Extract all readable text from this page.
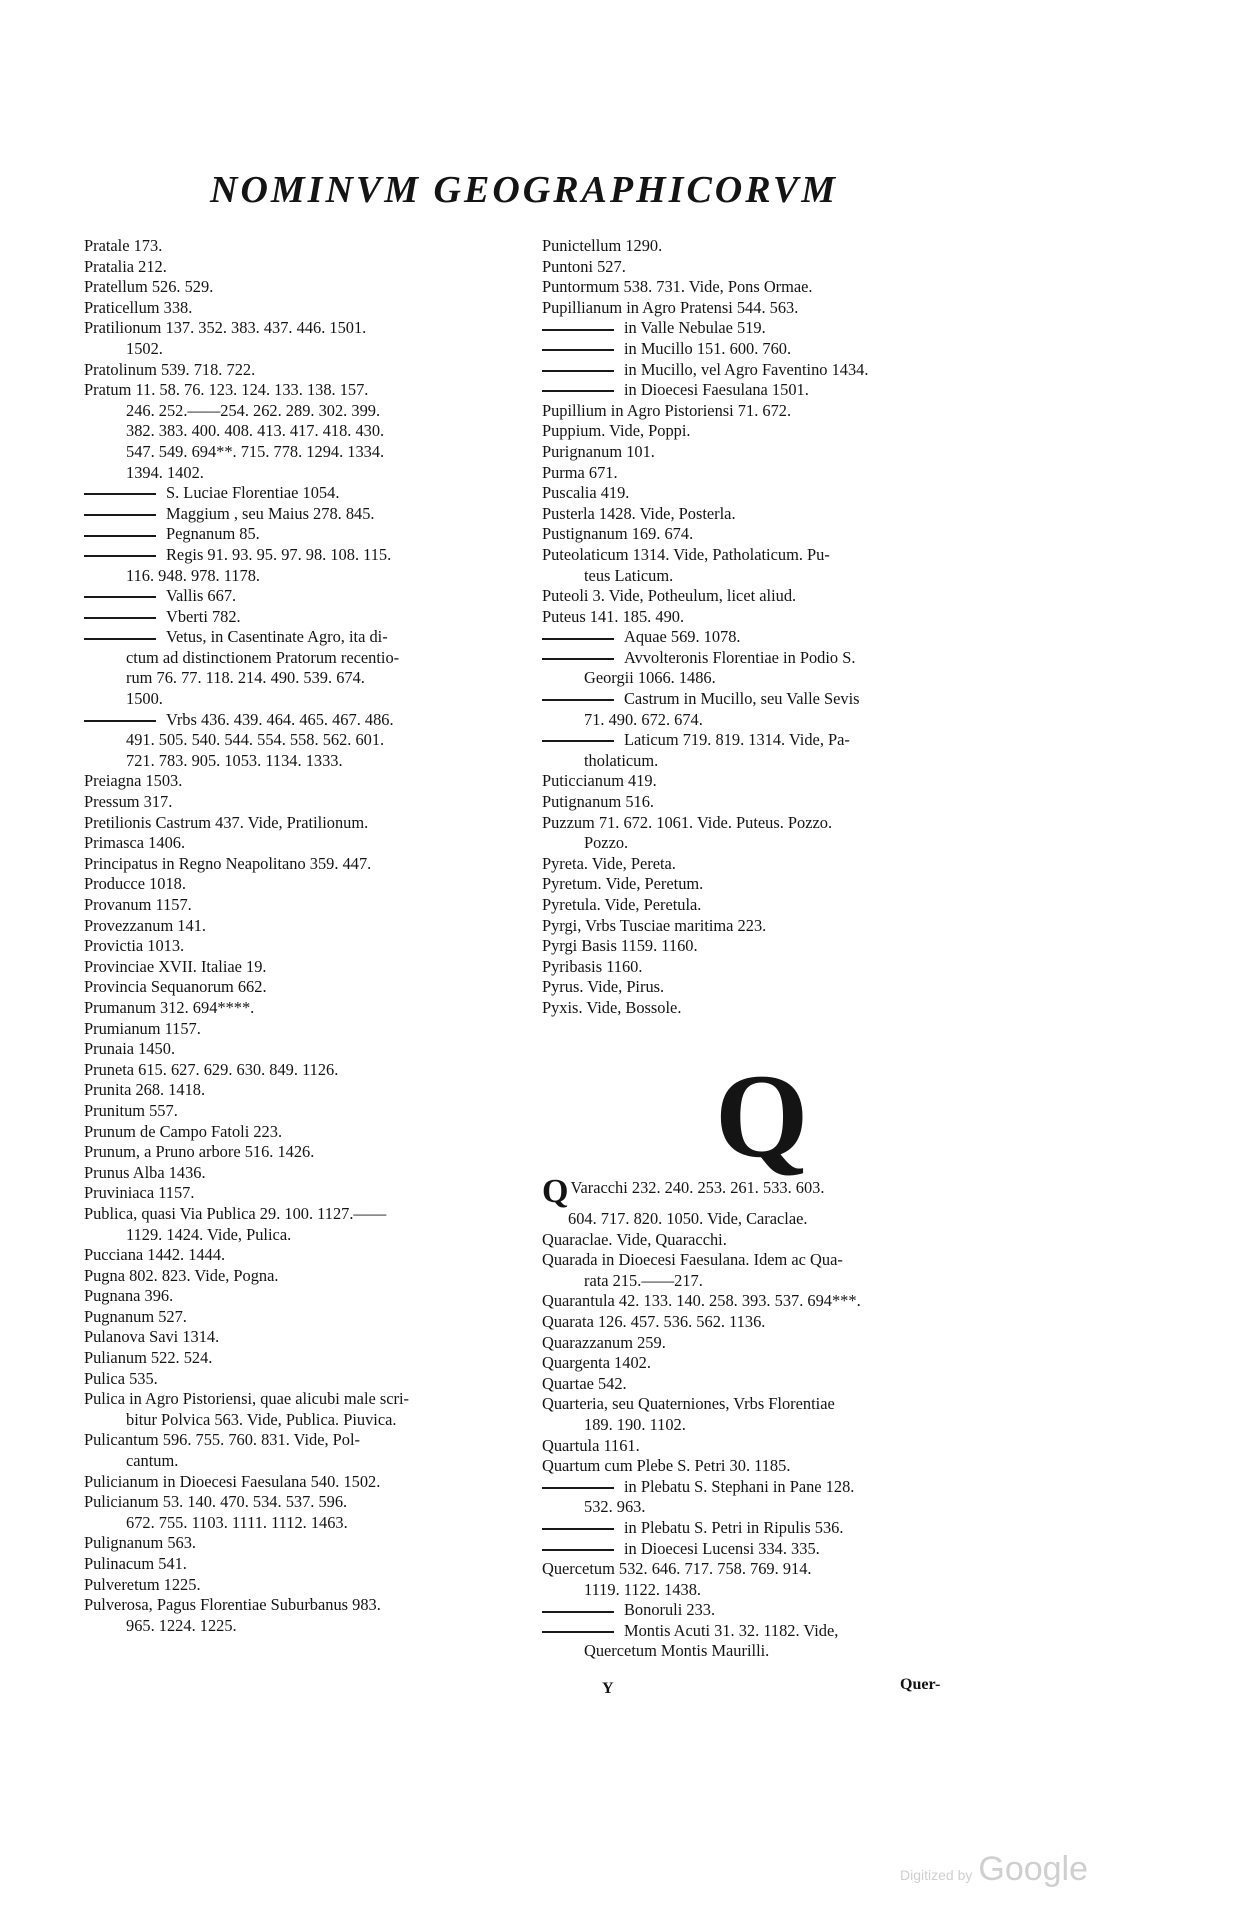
NOMINVM GEOGRAPHICORVM
Pratale 173.
Pratalia 212.
Pratellum 526. 529.
Praticellum 338.
Pratilionum 137. 352. 383. 437. 446. 1501.
1502.
Pratolinum 539. 718. 722.
Pratum 11. 58. 76. 123. 124. 133. 138. 157.
246. 252.——254. 262. 289. 302. 399.
382. 383. 400. 408. 413. 417. 418. 430.
547. 549. 694**. 715. 778. 1294. 1334.
1394. 1402.
S. Luciae Florentiae 1054.
Maggium , seu Maius 278. 845.
Pegnanum 85.
Regis 91. 93. 95. 97. 98. 108. 115.
116. 948. 978. 1178.
Vallis 667.
Vberti 782.
Vetus, in Casentinate Agro, ita di-
ctum ad distinctionem Pratorum recentio-
rum 76. 77. 118. 214. 490. 539. 674.
1500.
Vrbs 436. 439. 464. 465. 467. 486.
491. 505. 540. 544. 554. 558. 562. 601.
721. 783. 905. 1053. 1134. 1333.
Preiagna 1503.
Pressum 317.
Pretilionis Castrum 437. Vide, Pratilionum.
Primasca 1406.
Principatus in Regno Neapolitano 359. 447.
Producce 1018.
Provanum 1157.
Provezzanum 141.
Provictia 1013.
Provinciae XVII. Italiae 19.
Provincia Sequanorum 662.
Prumanum 312. 694****.
Prumianum 1157.
Prunaia 1450.
Pruneta 615. 627. 629. 630. 849. 1126.
Prunita 268. 1418.
Prunitum 557.
Prunum de Campo Fatoli 223.
Prunum, a Pruno arbore 516. 1426.
Prunus Alba 1436.
Pruviniaca 1157.
Publica, quasi Via Publica 29. 100. 1127.——
1129. 1424. Vide, Pulica.
Pucciana 1442. 1444.
Pugna 802. 823. Vide, Pogna.
Pugnana 396.
Pugnanum 527.
Pulanova Savi 1314.
Pulianum 522. 524.
Pulica 535.
Pulica in Agro Pistoriensi, quae alicubi male scri-
bitur Polvica 563. Vide, Publica. Piuvica.
Pulicantum 596. 755. 760. 831. Vide, Pol-
cantum.
Pulicianum in Dioecesi Faesulana 540. 1502.
Pulicianum 53. 140. 470. 534. 537. 596.
672. 755. 1103. 1111. 1112. 1463.
Pulignanum 563.
Pulinacum 541.
Pulveretum 1225.
Pulverosa, Pagus Florentiae Suburbanus 983.
965. 1224. 1225.
Punictellum 1290.
Puntoni 527.
Puntormum 538. 731. Vide, Pons Ormae.
Pupillianum in Agro Pratensi 544. 563.
in Valle Nebulae 519.
in Mucillo 151. 600. 760.
in Mucillo, vel Agro Faventino 1434.
in Dioecesi Faesulana 1501.
Pupillium in Agro Pistoriensi 71. 672.
Puppium. Vide, Poppi.
Purignanum 101.
Purma 671.
Puscalia 419.
Pusterla 1428. Vide, Posterla.
Pustignanum 169. 674.
Puteolaticum 1314. Vide, Patholaticum. Pu-
teus Laticum.
Puteoli 3. Vide, Potheulum, licet aliud.
Puteus 141. 185. 490.
Aquae 569. 1078.
Avvolteronis Florentiae in Podio S.
Georgii 1066. 1486.
Castrum in Mucillo, seu Valle Sevis
71. 490. 672. 674.
Laticum 719. 819. 1314. Vide, Pa-
tholaticum.
Puticcianum 419.
Putignanum 516.
Puzzum 71. 672. 1061. Vide. Puteus. Pozzo.
Pozzo.
Pyreta. Vide, Pereta.
Pyretum. Vide, Peretum.
Pyretula. Vide, Peretula.
Pyrgi, Vrbs Tusciae maritima 223.
Pyrgi Basis 1159. 1160.
Pyribasis 1160.
Pyrus. Vide, Pirus.
Pyxis. Vide, Bossole.
Q
Q Varacchi 232. 240. 253. 261. 533. 603.
604. 717. 820. 1050. Vide, Caraclae.
Quaraclae. Vide, Quaracchi.
Quarada in Dioecesi Faesulana. Idem ac Qua-
rata 215.——217.
Quarantula 42. 133. 140. 258. 393. 537. 694***.
Quarata 126. 457. 536. 562. 1136.
Quarazzanum 259.
Quargenta 1402.
Quartae 542.
Quarteria, seu Quaterniones, Vrbs Florentiae
189. 190. 1102.
Quartula 1161.
Quartum cum Plebe S. Petri 30. 1185.
in Plebatu S. Stephani in Pane 128.
532. 963.
in Plebatu S. Petri in Ripulis 536.
in Dioecesi Lucensi 334. 335.
Quercetum 532. 646. 717. 758. 769. 914.
1119. 1122. 1438.
Bonoruli 233.
Montis Acuti 31. 32. 1182. Vide,
Quercetum Montis Maurilli.
Y	Quer-
Digitized by Google
